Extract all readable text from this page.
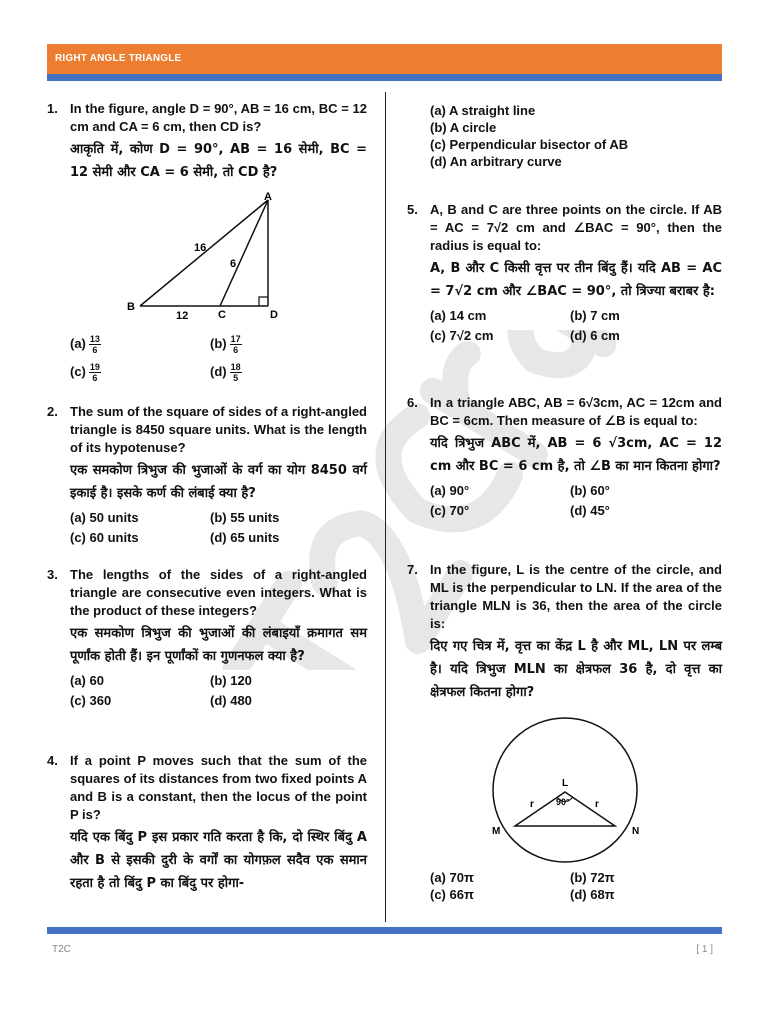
RIGHT ANGLE TRIANGLE
1. In the figure, angle D = 90°, AB = 16 cm, BC = 12 cm and CA = 6 cm, then CD is?
आकृति में, कोण D = 90°, AB = 16 सेमी, BC = 12 सेमी और CA = 6 सेमी, तो CD है?
A
B
C	D
16
6
12
$(a) \frac{13}{6}$	$(b) \frac{17}{6}$
$(c) \frac{19}{6}$	$(d) \frac{18}{5}$
2. The sum of the square of sides of a right-angled triangle is 8450 square units. What is the length of its hypotenuse?
एक समकोण त्रिभुज की भुजाओं के वर्ग का योग 8450 वर्ग इकाई है। इसके कर्ण की लंबाई क्या है?
(a) 50 units	(b) 55 units
(c) 60 units	(d) 65 units
3. The lengths of the sides of a right-angled triangle are consecutive even integers. What is the product of these integers?
एक समकोण त्रिभुज की भुजाओं की लंबाइयाँ क्रमागत सम पूर्णांक होती हैं। इन पूर्णांकों का गुणनफल क्या है?
(a) 60	(b) 120
(c) 360	(d) 480
4. If a point P moves such that the sum of the squares of its distances from two fixed points A and B is a constant, then the locus of the point P is?
यदि एक बिंदु P इस प्रकार गति करता है कि, दो स्थिर बिंदु A और B से इसकी दुरी के वर्गों का योगफ़ल सदैव एक समान रहता है तो बिंदु P का बिंदु पर होगा-
(a) A straight line
(b) A circle
(c) Perpendicular bisector of AB
(d) An arbitrary curve
5. A, B and C are three points on the circle. If AB = AC = 7√2 cm and ∠BAC = 90°, then the radius is equal to:
A, B और C किसी वृत्त पर तीन बिंदु हैं। यदि AB = AC = 7√2 cm और ∠BAC = 90°, तो त्रिज्या बराबर है:
(a) 14 cm	(b) 7 cm
(c) 7√2 cm	(d) 6 cm
6. In a triangle ABC, AB = 6√3cm, AC = 12cm and BC = 6cm. Then measure of ∠B is equal to:
यदि त्रिभुज ABC में, AB = 6 √3cm, AC = 12 cm और BC = 6 cm है, तो ∠B का मान कितना होगा?
(a) 90°	(b) 60°
(c) 70°	(d) 45°
7. In the figure, L is the centre of the circle, and ML is the perpendicular to LN. If the area of the triangle MLN is 36, then the area of the circle is:
दिए गए चित्र में, वृत्त का केंद्र L है और ML, LN पर लम्ब है। यदि त्रिभुज MLN का क्षेत्रफल 36 है, दो वृत्त का क्षेत्रफल कितना होगा?
L
90°
r	r
M	N
(a) 70π	(b) 72π
(c) 66π	(d) 68π
T2C	[ 1 ]
